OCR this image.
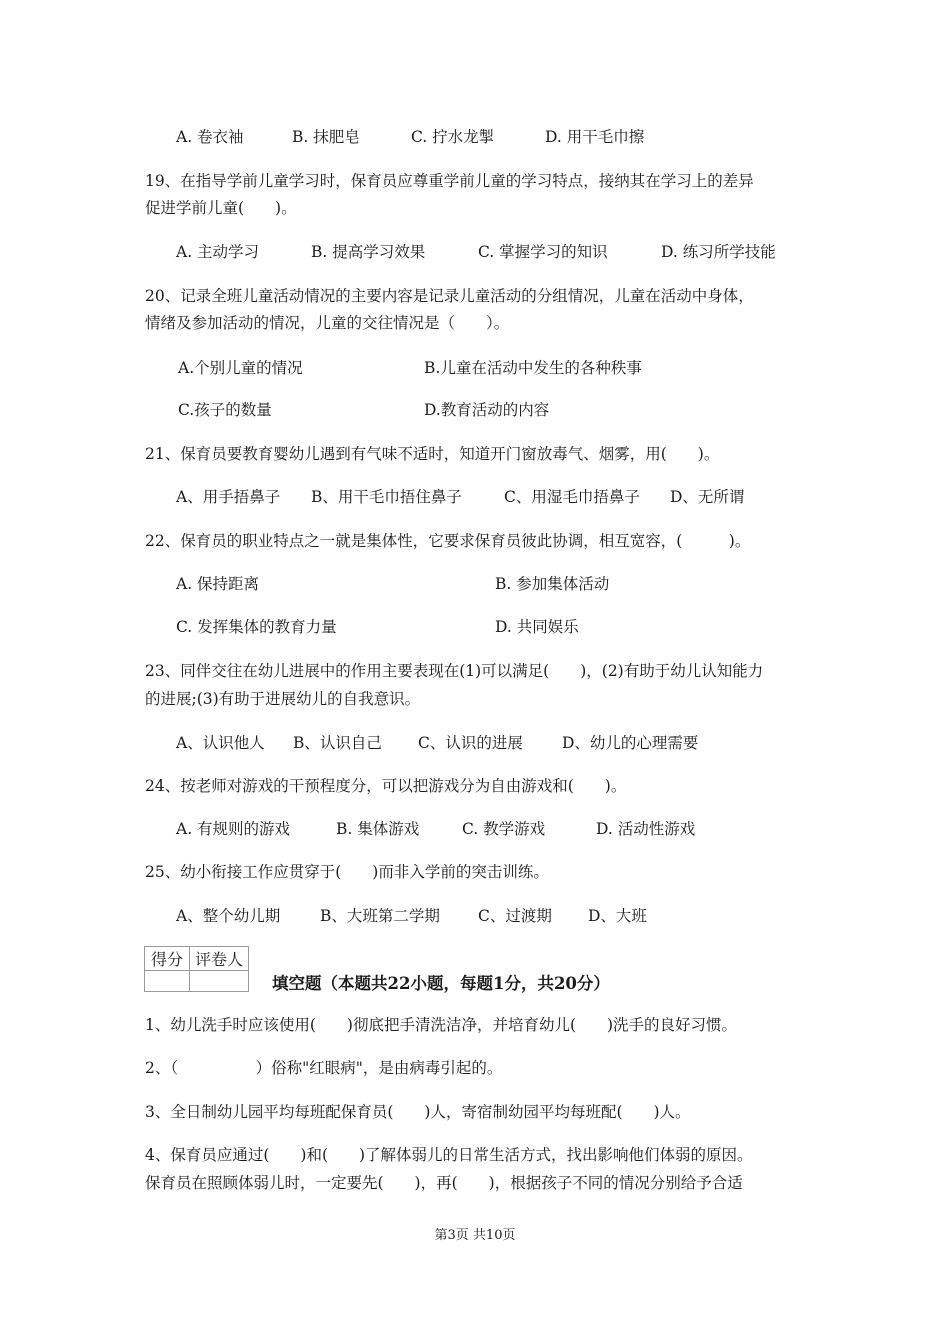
A. 卷衣袖	B. 抹肥皂	C. 拧水龙掣	D. 用干毛巾擦
19、在指导学前儿童学习时，保育员应尊重学前儿童的学习特点，接纳其在学习上的差异
促进学前儿童(　　)。
A. 主动学习	B. 提高学习效果	C. 掌握学习的知识	D. 练习所学技能
20、记录全班儿童活动情况的主要内容是记录儿童活动的分组情况，儿童在活动中身体，
情绪及参加活动的情况，儿童的交往情况是（　　）。
A.个别儿童的情况	B.儿童在活动中发生的各种秩事
C.孩子的数量	D.教育活动的内容
21、保育员要教育婴幼儿遇到有气味不适时，知道开门窗放毒气、烟雾，用(　　)。
A、用手捂鼻子 B、用干毛巾捂住鼻子	C、用湿毛巾捂鼻子 D、无所谓
22、保育员的职业特点之一就是集体性，它要求保育员彼此协调，相互宽容，(　　　)。
A. 保持距离	B. 参加集体活动
C. 发挥集体的教育力量	D. 共同娱乐
23、同伴交往在幼儿进展中的作用主要表现在(1)可以满足(　　)，(2)有助于幼儿认知能力
的进展;(3)有助于进展幼儿的自我意识。
A、认识他人 B、认识自己 C、认识的进展	D、幼儿的心理需要
24、按老师对游戏的干预程度分，可以把游戏分为自由游戏和(　　)。
A. 有规则的游戏	B. 集体游戏	C. 教学游戏	D. 活动性游戏
25、幼小衔接工作应贯穿于(　　)而非入学前的突击训练。
A、整个幼儿期	B、大班第二学期 C、过渡期 D、大班
得分	评卷人

填空题（本题共22小题，每题1分，共20分）
1、幼儿洗手时应该使用(　　)彻底把手清洗洁净，并培育幼儿(　　)洗手的良好习惯。
2、（　　　　　）俗称"红眼病"，是由病毒引起的。
3、全日制幼儿园平均每班配保育员(　　)人，寄宿制幼园平均每班配(　　)人。
4、保育员应通过(　　)和(　　)了解体弱儿的日常生活方式，找出影响他们体弱的原因。
保育员在照顾体弱儿时，一定要先(　　)，再(　　)，根据孩子不同的情况分别给予合适
第3页 共10页
